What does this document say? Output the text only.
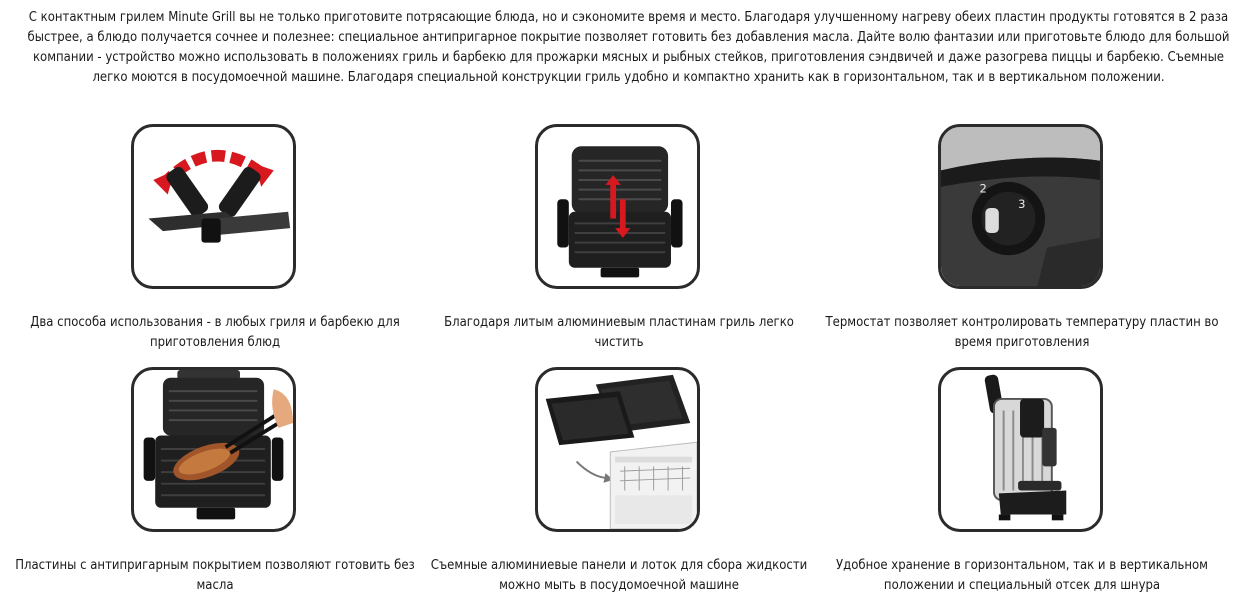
С контактным грилем Minute Grill вы не только приготовите потрясающие блюда, но и сэкономите время и место. Благодаря улучшенному нагреву обеих пластин продукты готовятся в 2 раза быстрее, а блюдо получается сочнее и полезнее: специальное антипригарное покрытие позволяет готовить без добавления масла. Дайте волю фантазии или приготовьте блюдо для большой компании - устройство можно использовать в положениях гриль и барбекю для прожарки мясных и рыбных стейков, приготовления сэндвичей и даже разогрева пиццы и барбекю. Съемные легко моются в посудомоечной машине. Благодаря специальной конструкции гриль удобно и компактно хранить как в горизонтальном, так и в вертикальном положении.
Два способа использования - в любых гриля и барбекю для приготовления блюд
Благодаря литым алюминиевым пластинам гриль легко чистить
2
3
Термостат позволяет контролировать температуру пластин во время приготовления
Пластины с антипригарным покрытием позволяют готовить без масла
Съемные алюминиевые панели и лоток для сбора жидкости можно мыть в посудомоечной машине
Удобное хранение в горизонтальном, так и в вертикальном положении и специальный отсек для шнура
